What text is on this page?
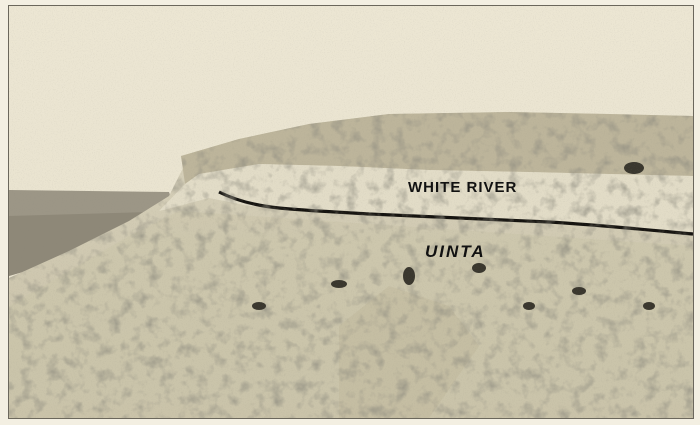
WHITE RIVER
UINTA
